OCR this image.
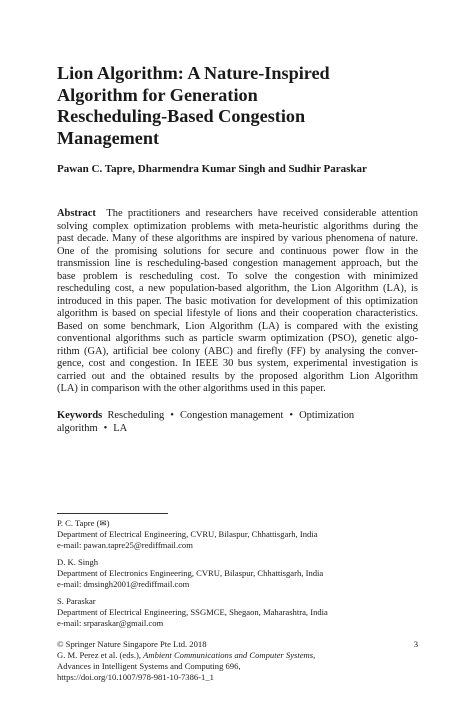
Lion Algorithm: A Nature-Inspired
Algorithm for Generation
Rescheduling-Based Congestion
Management
Pawan C. Tapre, Dharmendra Kumar Singh and Sudhir Paraskar
Abstract The practitioners and researchers have received considerable attention
solving complex optimization problems with meta-heuristic algorithms during the
past decade. Many of these algorithms are inspired by various phenomena of nature.
One of the promising solutions for secure and continuous power flow in the
transmission line is rescheduling-based congestion management approach, but the
base problem is rescheduling cost. To solve the congestion with minimized
rescheduling cost, a new population-based algorithm, the Lion Algorithm (LA), is
introduced in this paper. The basic motivation for development of this optimization
algorithm is based on special lifestyle of lions and their cooperation characteristics.
Based on some benchmark, Lion Algorithm (LA) is compared with the existing
conventional algorithms such as particle swarm optimization (PSO), genetic algo-
rithm (GA), artificial bee colony (ABC) and firefly (FF) by analysing the conver-
gence, cost and congestion. In IEEE 30 bus system, experimental investigation is
carried out and the obtained results by the proposed algorithm Lion Algorithm
(LA) in comparison with the other algorithms used in this paper.
Keywords Rescheduling • Congestion management • Optimization
algorithm • LA
P. C. Tapre (✉)
Department of Electrical Engineering, CVRU, Bilaspur, Chhattisgarh, India
e-mail: pawan.tapre25@rediffmail.com
D. K. Singh
Department of Electronics Engineering, CVRU, Bilaspur, Chhattisgarh, India
e-mail: dmsingh2001@rediffmail.com
S. Paraskar
Department of Electrical Engineering, SSGMCE, Shegaon, Maharashtra, India
e-mail: srparaskar@gmail.com
© Springer Nature Singapore Pte Ltd. 2018
G. M. Perez et al. (eds.), Ambient Communications and Computer Systems,
Advances in Intelligent Systems and Computing 696,
https://doi.org/10.1007/978-981-10-7386-1_1
3
